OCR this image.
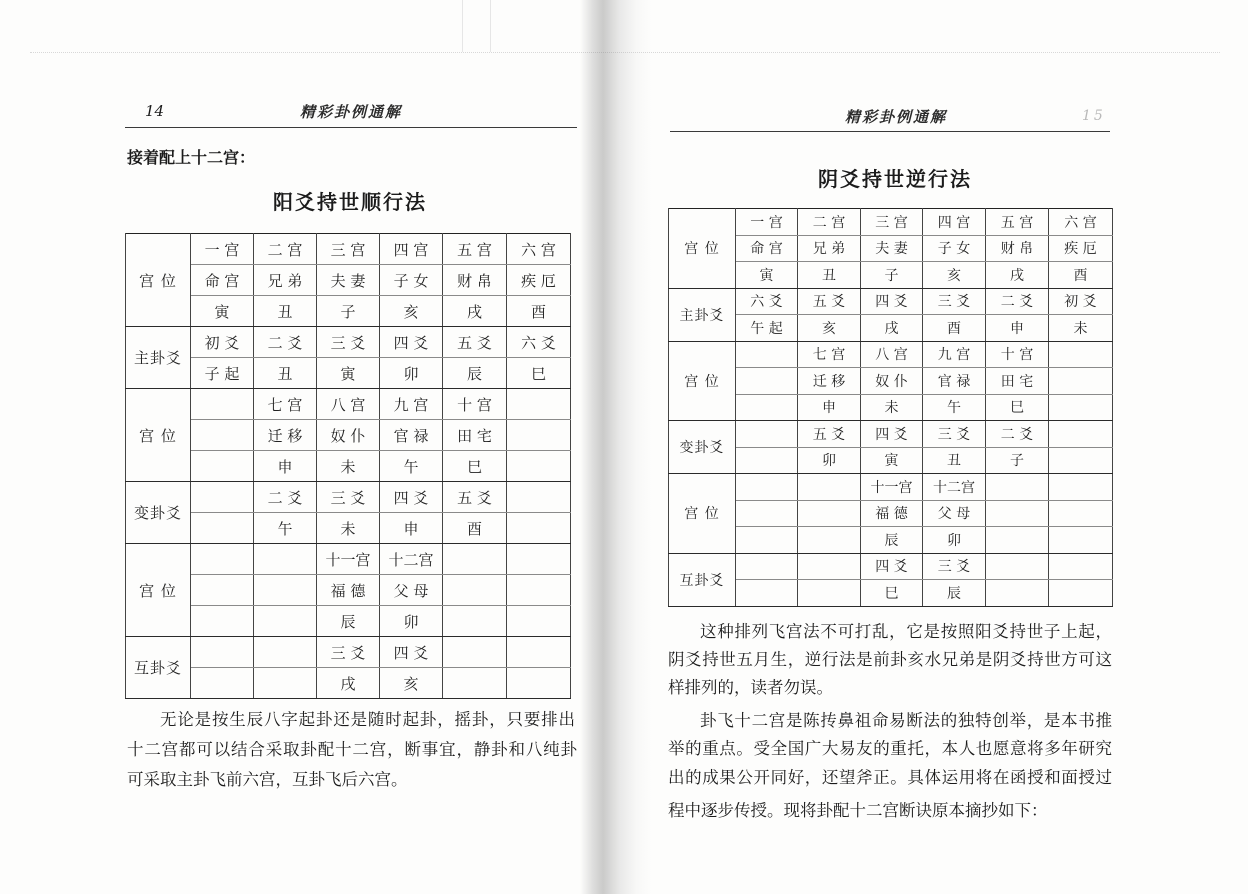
14	精彩卦例通解
接着配上十二宫：
阳爻持世顺行法
宫 位	一 宫	二 宫	三 宫	四 宫	五 宫	六 宫
	命 宫	兄 弟	夫 妻	子 女	财 帛	疾 厄
	寅	丑	子	亥	戌	酉
主卦爻	初 爻	二 爻	三 爻	四 爻	五 爻	六 爻
	子 起	丑	寅	卯	辰	巳
宫 位		七 宫	八 宫	九 宫	十 宫	
		迁 移	奴 仆	官 禄	田 宅	
		申	未	午	巳	
变卦爻		二 爻	三 爻	四 爻	五 爻	
		午	未	申	酉	
宫 位			十一宫	十二宫		
			福 德	父 母		
			辰	卯		
互卦爻			三 爻	四 爻		
			戌	亥		
无论是按生辰八字起卦还是随时起卦，摇卦，只要排出
十二宫都可以结合采取卦配十二宫，断事宜，静卦和八纯卦
可采取主卦飞前六宫，互卦飞后六宫。
精彩卦例通解	15
阴爻持世逆行法
宫 位	一 宫	二 宫	三 宫	四 宫	五 宫	六 宫
	命 宫	兄 弟	夫 妻	子 女	财 帛	疾 厄
	寅	丑	子	亥	戌	酉
主卦爻	六 爻	五 爻	四 爻	三 爻	二 爻	初 爻
	午 起	亥	戌	酉	申	未
宫 位		七 宫	八 宫	九 宫	十 宫	
		迁 移	奴 仆	官 禄	田 宅	
		申	未	午	巳	
变卦爻		五 爻	四 爻	三 爻	二 爻	
		卯	寅	丑	子	
宫 位			十一宫	十二宫		
			福 德	父 母		
			辰	卯		
互卦爻			四 爻	三 爻		
			巳	辰		
这种排列飞宫法不可打乱，它是按照阳爻持世子上起，
阴爻持世五月生，逆行法是前卦亥水兄弟是阴爻持世方可这
样排列的，读者勿误。
卦飞十二宫是陈抟鼻祖命易断法的独特创举，是本书推
举的重点。受全国广大易友的重托，本人也愿意将多年研究
出的成果公开同好，还望斧正。具体运用将在函授和面授过
程中逐步传授。现将卦配十二宫断诀原本摘抄如下：
